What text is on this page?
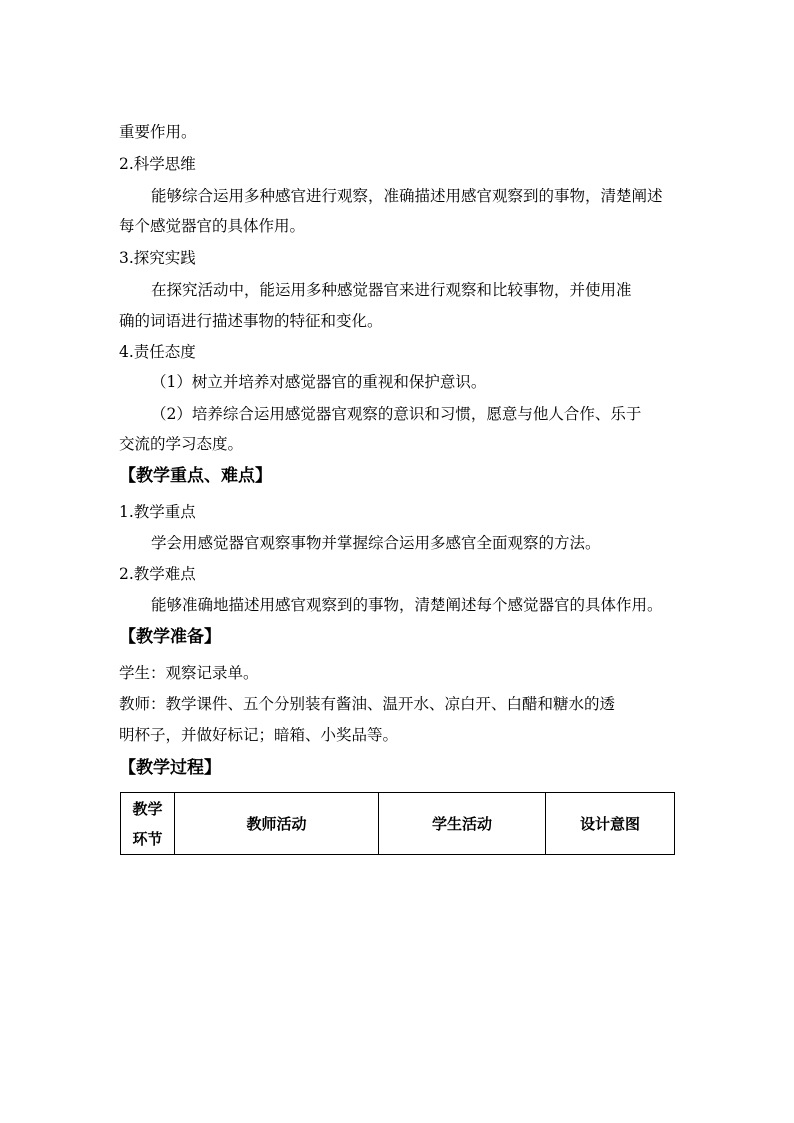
重要作用。
2.科学思维
能够综合运用多种感官进行观察，准确描述用感官观察到的事物，清楚阐述
每个感觉器官的具体作用。
3.探究实践
在探究活动中，能运用多种感觉器官来进行观察和比较事物，并使用准
确的词语进行描述事物的特征和变化。
4.责任态度
（1）树立并培养对感觉器官的重视和保护意识。
（2）培养综合运用感觉器官观察的意识和习惯，愿意与他人合作、乐于
交流的学习态度。
【教学重点、难点】
1.教学重点
学会用感觉器官观察事物并掌握综合运用多感官全面观察的方法。
2.教学难点
能够准确地描述用感官观察到的事物，清楚阐述每个感觉器官的具体作用。
【教学准备】
学生：观察记录单。
教师：教学课件、五个分别装有酱油、温开水、凉白开、白醋和糖水的透
明杯子，并做好标记；暗箱、小奖品等。
【教学过程】
教学
环节
	教师活动	学生活动	设计意图
